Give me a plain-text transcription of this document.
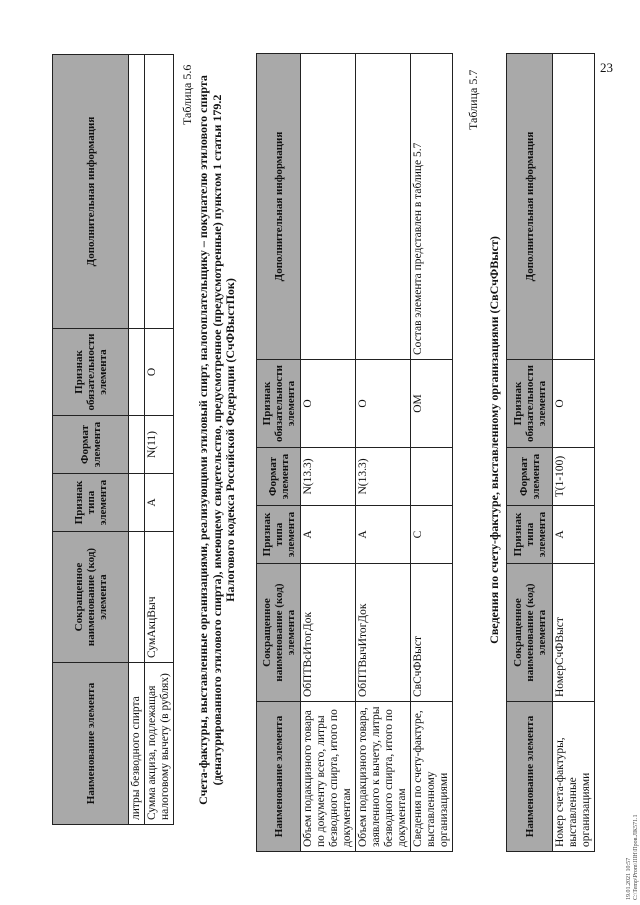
23
Наименование элемента	Сокращенное наименование (код) элемента	Признак типа элемента	Формат элемента	Признак обязательности элемента	Дополнительная информация
литры безводного спирта					
Сумма акциза, подлежащая налоговому вычету (в рублях)	СумАкцВыч	А	N(11)	О	
Таблица 5.6 Счета-фактуры, выставленные организациями, реализующими этиловый спирт, налогоплательщику – покупателю этилового спирта (денатурированного этилового спирта), имеющему свидетельство, предусмотренное (предусмотренные) пунктом 1 статьи 179.2 Налогового кодекса Российской Федерации (СчФВыстПок)
Наименование элемента	Сокращенное наименование (код) элемента	Признак типа элемента	Формат элемента	Признак обязательности элемента	Дополнительная информация
Объем подакцизного товара по документу всего, литры безводного спирта, итого по документам	ОбПТВсИтогДок	А	N(13.3)	О	
Объем подакцизного товара, заявленного к вычету, литры безводного спирта, итого по документам	ОбПТВычИтогДок	А	N(13.3)	О	
Сведения по счету-фактуре, выставленному организациями	СвСчФВыст	С		ОМ	Состав элемента представлен в таблице 5.7
Таблица 5.7
Сведения по счету-фактуре, выставленному организациями (СвСчФВыст)
Наименование элемента	Сокращенное наименование (код) элемента	Признак типа элемента	Формат элемента	Признак обязательности элемента	Дополнительная информация
Номер счета-фактуры, выставленные организациями	НомерСчФВыст	А	T(1-100)	О	
19.01.2021 10:57 C:\Temp\Prom\IIIH\Пров.ЛК571.1
